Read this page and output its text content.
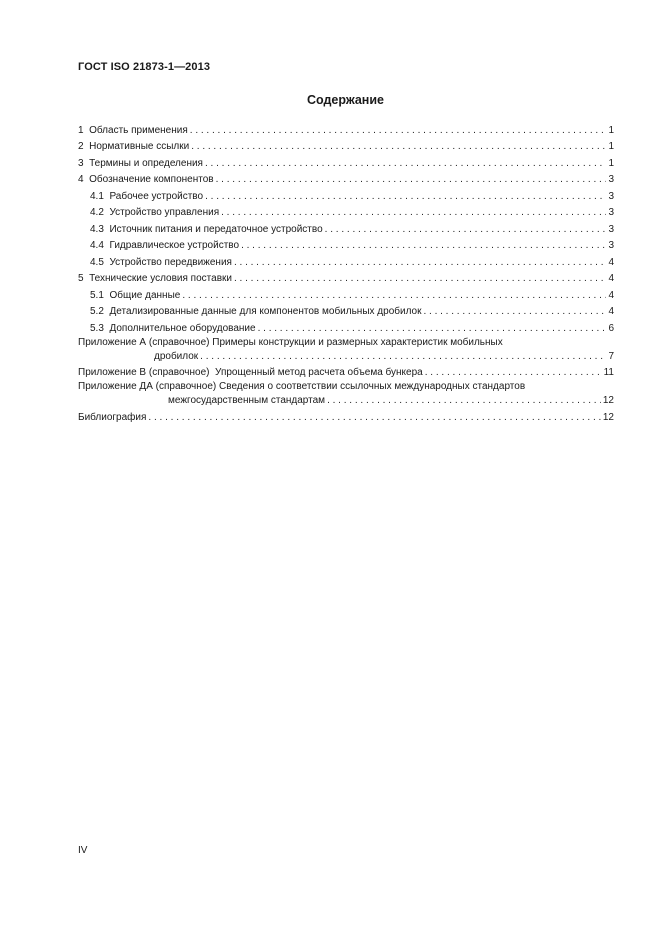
ГОСТ ISO 21873-1—2013
Содержание
1 Область применения . . .	1
2 Нормативные ссылки . . .	1
3 Термины и определения . . .	1
4 Обозначение компонентов . . .	3
4.1 Рабочее устройство . . .	3
4.2 Устройство управления . . .	3
4.3 Источник питания и передаточное устройство . . .	3
4.4 Гидравлическое устройство . . .	3
4.5 Устройство передвижения . . .	4
5 Технические условия поставки . . .	4
5.1 Общие данные . . .	4
5.2 Детализированные данные для компонентов мобильных дробилок . . .	4
5.3 Дополнительное оборудование . . .	6
Приложение А (справочное)
Примеры конструкции и размерных характеристик мобильных
дробилок . . .	7
Приложение В (справочное) Упрощенный метод расчета объема бункера . . .	11
Приложение ДА (справочное)
Сведения о соответствии ссылочных международных стандартов
межгосударственным стандартам . . .	12
Библиография . . .	12
IV
